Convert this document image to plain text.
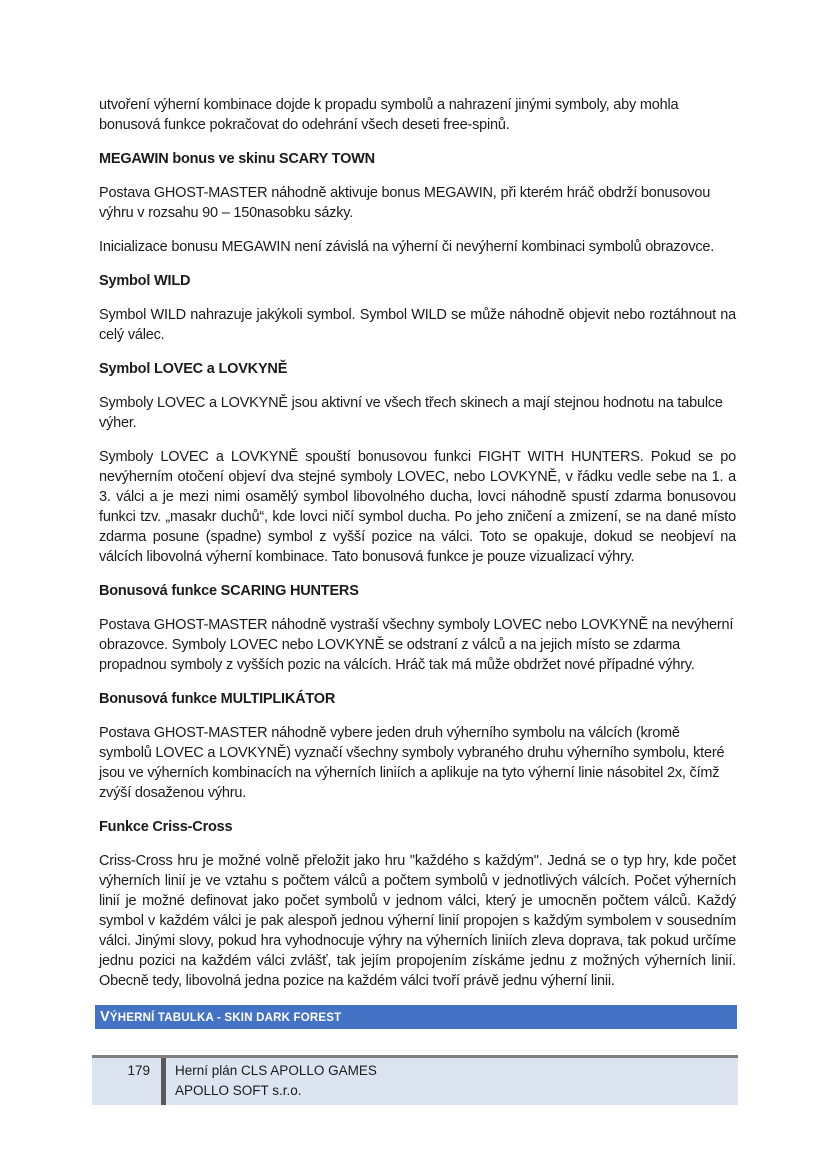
utvoření výherní kombinace dojde k propadu symbolů a nahrazení jinými symboly, aby mohla bonusová funkce pokračovat do odehrání všech deseti free-spinů.

MEGAWIN bonus ve skinu SCARY TOWN

Postava GHOST-MASTER náhodně aktivuje bonus MEGAWIN, při kterém hráč obdrží bonusovou výhru v rozsahu 90 – 150nasobku sázky.

Inicializace bonusu MEGAWIN není závislá na výherní či nevýherní kombinaci symbolů obrazovce.

Symbol WILD

Symbol WILD nahrazuje jakýkoli symbol. Symbol WILD se může náhodně objevit nebo roztáhnout na celý válec.

Symbol LOVEC a LOVKYNĚ

Symboly LOVEC a LOVKYNĚ jsou aktivní ve všech třech skinech a mají stejnou hodnotu na tabulce výher.

Symboly LOVEC a LOVKYNĚ spouští bonusovou funkci FIGHT WITH HUNTERS. Pokud se po nevýherním otočení objeví dva stejné symboly LOVEC, nebo LOVKYNĚ, v řádku vedle sebe na 1. a 3. válci a je mezi nimi osamělý symbol libovolného ducha, lovci náhodně spustí zdarma bonusovou funkci tzv. „masakr duchů“, kde lovci ničí symbol ducha. Po jeho zničení a zmizení, se na dané místo zdarma posune (spadne) symbol z vyšší pozice na válci. Toto se opakuje, dokud se neobjeví na válcích libovolná výherní kombinace. Tato bonusová funkce je pouze vizualizací výhry.

Bonusová funkce SCARING HUNTERS

Postava GHOST-MASTER náhodně vystraší všechny symboly LOVEC nebo LOVKYNĚ na nevýherní obrazovce. Symboly LOVEC nebo LOVKYNĚ se odstraní z válců a na jejich místo se zdarma propadnou symboly z vyšších pozic na válcích. Hráč tak má může obdržet nové případné výhry.

Bonusová funkce MULTIPLIKÁTOR

Postava GHOST-MASTER náhodně vybere jeden druh výherního symbolu na válcích (kromě symbolů LOVEC a LOVKYNĚ) vyznačí všechny symboly vybraného druhu výherního symbolu, které jsou ve výherních kombinacích na výherních liniích a aplikuje na tyto výherní linie násobitel 2x, čímž zvýší dosaženou výhru.

Funkce Criss-Cross

Criss-Cross hru je možné volně přeložit jako hru "každého s každým". Jedná se o typ hry, kde počet výherních linií je ve vztahu s počtem válců a počtem symbolů v jednotlivých válcích. Počet výherních linií je možné definovat jako počet symbolů v jednom válci, který je umocněn počtem válců. Každý symbol v každém válci je pak alespoň jednou výherní linií propojen s každým symbolem v sousedním válci. Jinými slovy, pokud hra vyhodnocuje výhry na výherních liniích zleva doprava, tak pokud určíme jednu pozici na každém válci zvlášť, tak jejím propojením získáme jednu z možných výherních linií. Obecně tedy, libovolná jedna pozice na každém válci tvoří právě jednu výherní linii.

VÝHERNÍ TABULKA - SKIN DARK FOREST
179	Herní plán CLS APOLLO GAMES
APOLLO SOFT s.r.o.
